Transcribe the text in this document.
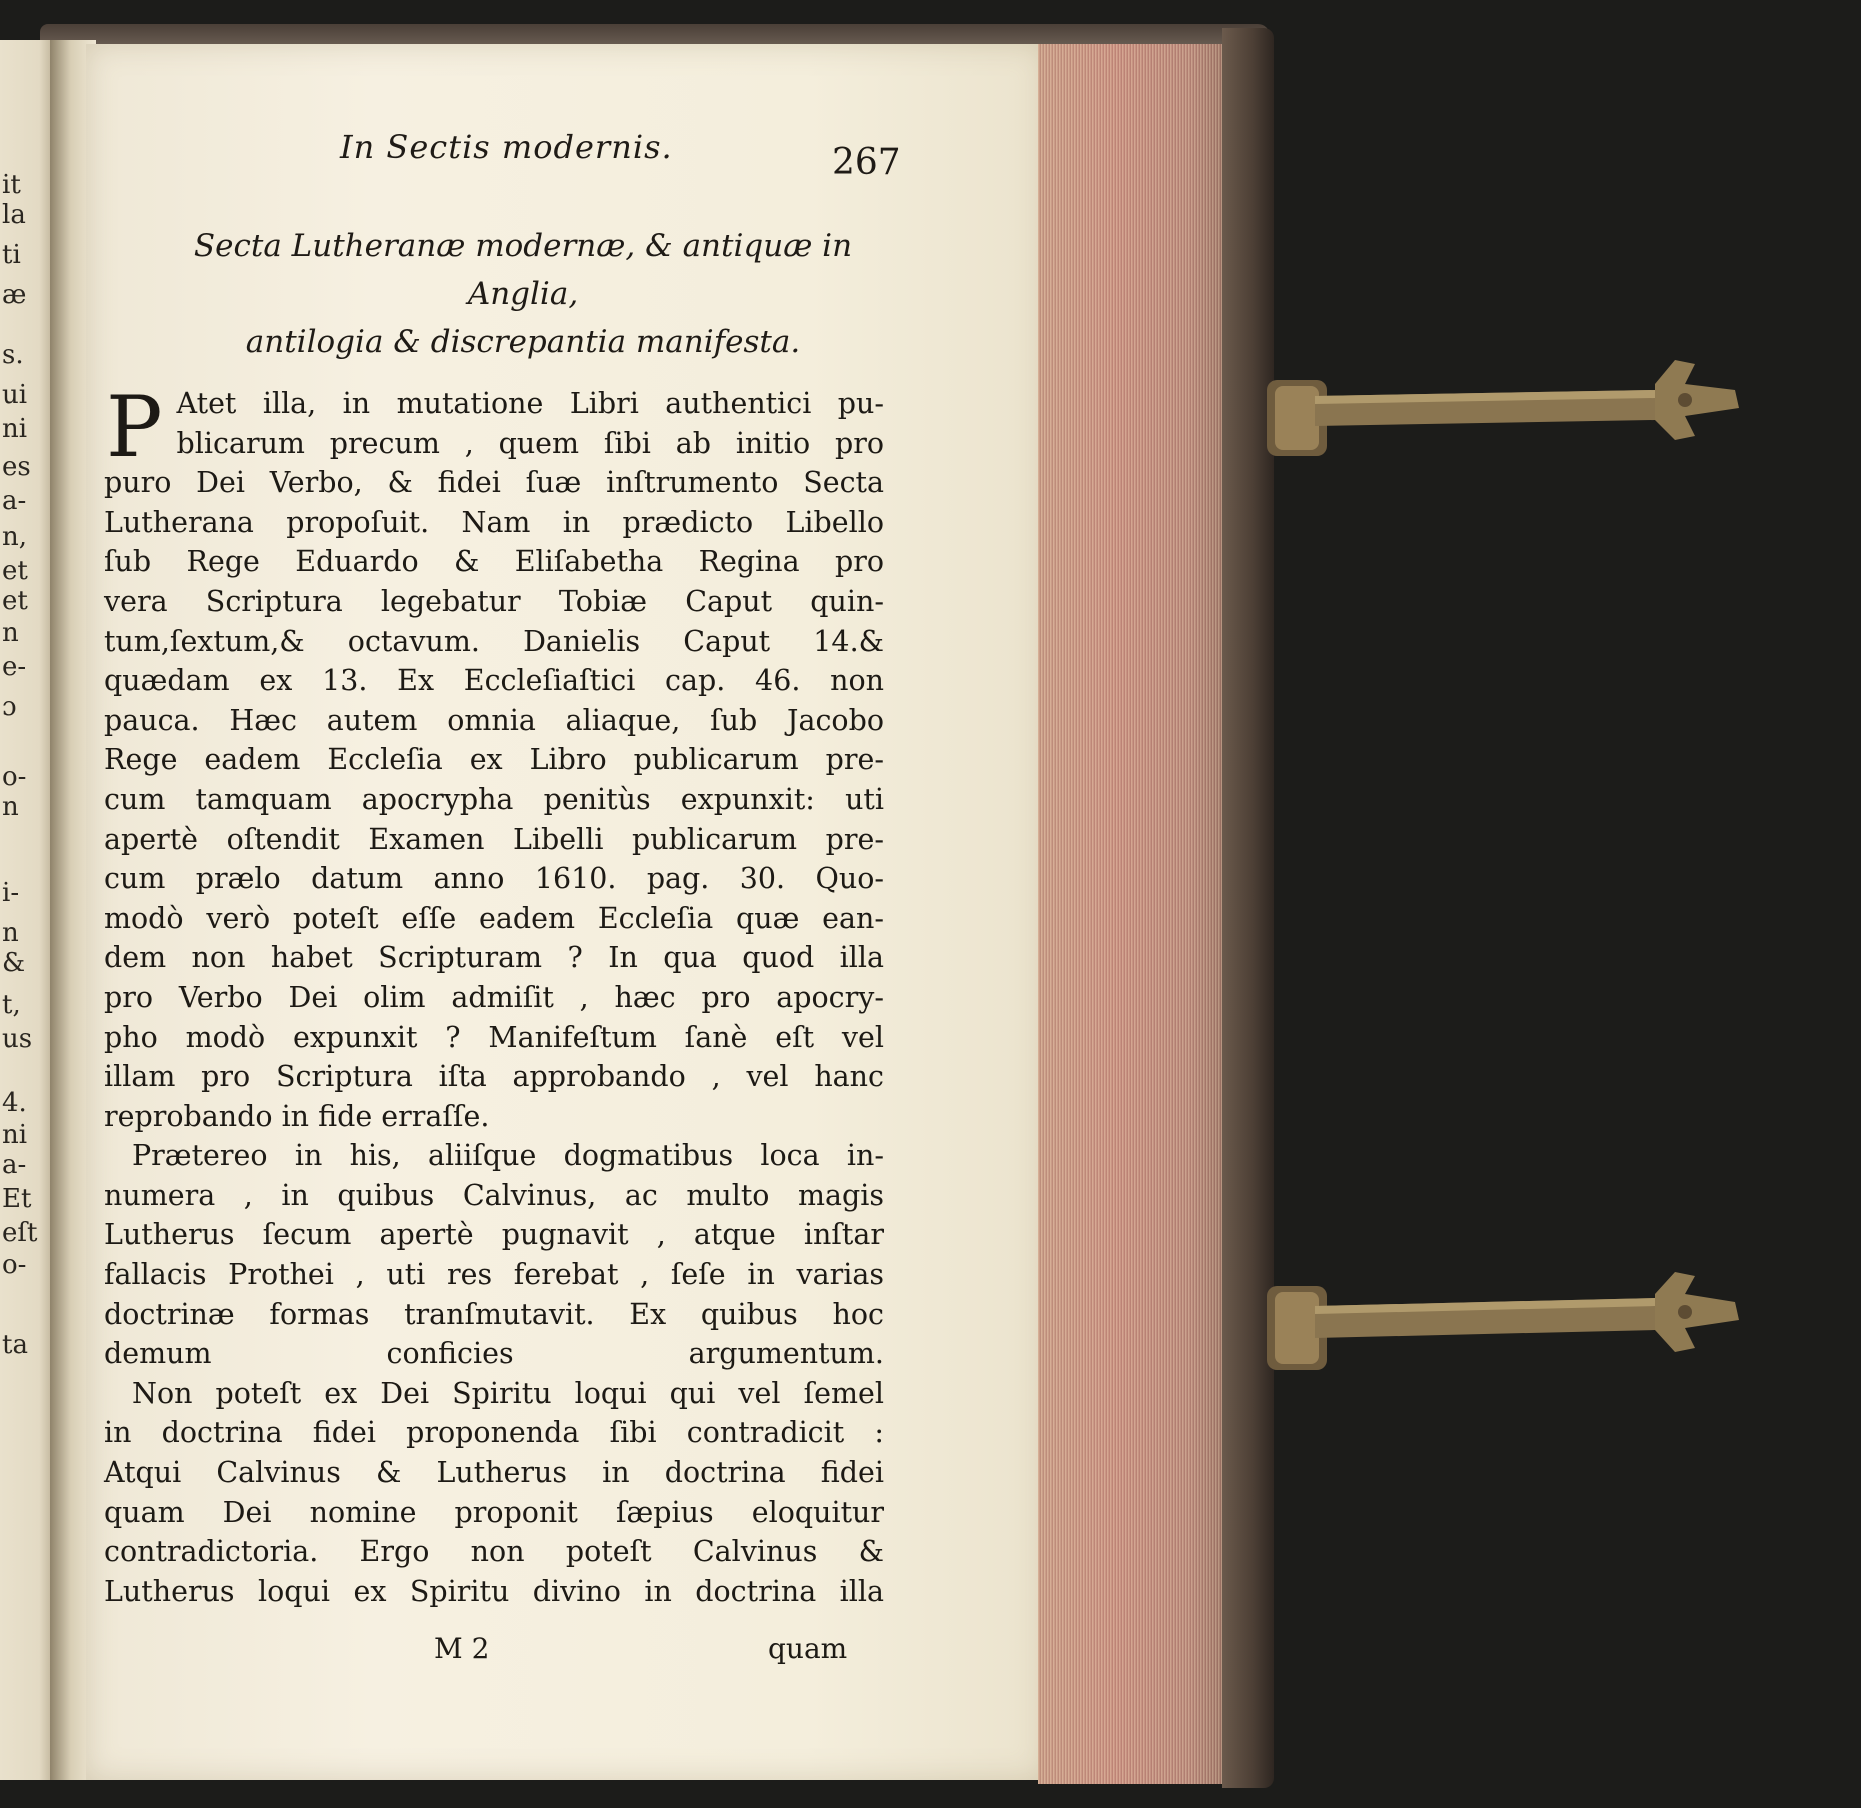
it
la
ti
æ
s.
ui
ni
es
a-
n,
et
et
n
e-
ɔ
o-
n
i-
n
&
t,
us
4.
ni
a-
Et
eſt
o-
ta
In Sectis modernis.	267
Secta Lutheranæ modernæ, & antiquæ in Anglia,
antilogia & discrepantia manifesta.
P Atet illa, in mutatione Libri authentici pu-
blicarum precum , quem ſibi ab initio pro
puro Dei Verbo, & fidei ſuæ inſtrumento Secta
Lutherana propoſuit. Nam in prædicto Libello
ſub Rege Eduardo & Eliſabetha Regina pro
vera Scriptura legebatur Tobiæ Caput quin-
tum,ſextum,& octavum. Danielis Caput 14.&
quædam ex 13. Ex Eccleſiaſtici cap. 46. non
pauca. Hæc autem omnia aliaque, ſub Jacobo
Rege eadem Eccleſia ex Libro publicarum pre-
cum tamquam apocrypha penitùs expunxit: uti
apertè oſtendit Examen Libelli publicarum pre-
cum prælo datum anno 1610. pag. 30. Quo-
modò verò poteſt eſſe eadem Eccleſia quæ ean-
dem non habet Scripturam ? In qua quod illa
pro Verbo Dei olim admiſit , hæc pro apocry-
pho modò expunxit ? Manifeſtum ſanè eſt vel
illam pro Scriptura iſta approbando , vel hanc
reprobando in fide erraſſe.
Prætereo in his, aliiſque dogmatibus loca in-
numera , in quibus Calvinus, ac multo magis
Lutherus ſecum apertè pugnavit , atque inſtar
fallacis Prothei , uti res ferebat , ſeſe in varias
doctrinæ formas tranſmutavit. Ex quibus hoc
demum conficies argumentum.
Non poteſt ex Dei Spiritu loqui qui vel ſemel
in doctrina fidei proponenda ſibi contradicit :
Atqui Calvinus & Lutherus in doctrina fidei
quam Dei nomine proponit ſæpius eloquitur
contradictoria. Ergo non poteſt Calvinus &
Lutherus loqui ex Spiritu divino in doctrina illa
M 2	quam
